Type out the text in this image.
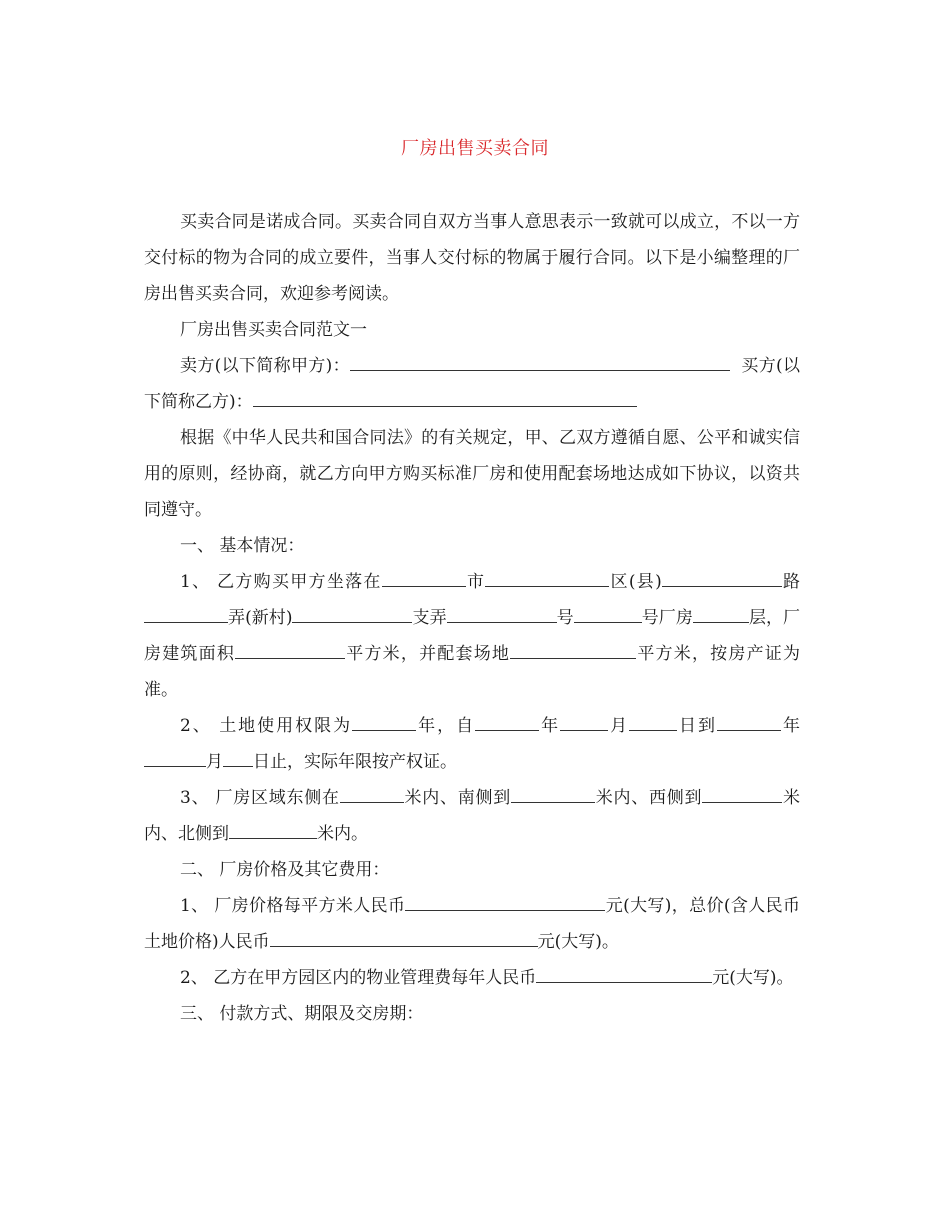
厂房出售买卖合同

买卖合同是诺成合同。买卖合同自双方当事人意思表示一致就可以成立，不以一方交付标的物为合同的成立要件，当事人交付标的物属于履行合同。以下是小编整理的厂房出售买卖合同，欢迎参考阅读。

厂房出售买卖合同范文一

卖方(以下简称甲方)：	买方(以下简称乙方)：

根据《中华人民共和国合同法》的有关规定，甲、乙双方遵循自愿、公平和诚实信用的原则，经协商，就乙方向甲方购买标准厂房和使用配套场地达成如下协议，以资共同遵守。

一、 基本情况：

1、 乙方购买甲方坐落在	市	区(县)	路弄(新村)	支弄	号	号厂房	层，厂房建筑面积	平方米，并配套场地	平方米，按房产证为准。

2、 土地使用权限为	年，自	年	月	日到	年月 日止，实际年限按产权证。

3、 厂房区域东侧在	米内、南侧到	米内、西侧到	米内、北侧到	米内。

二、 厂房价格及其它费用：

1、 厂房价格每平方米人民币	元(大写)，总价(含人民币土地价格)人民币	元(大写)。

2、 乙方在甲方园区内的物业管理费每年人民币	元(大写)。

三、 付款方式、期限及交房期：
